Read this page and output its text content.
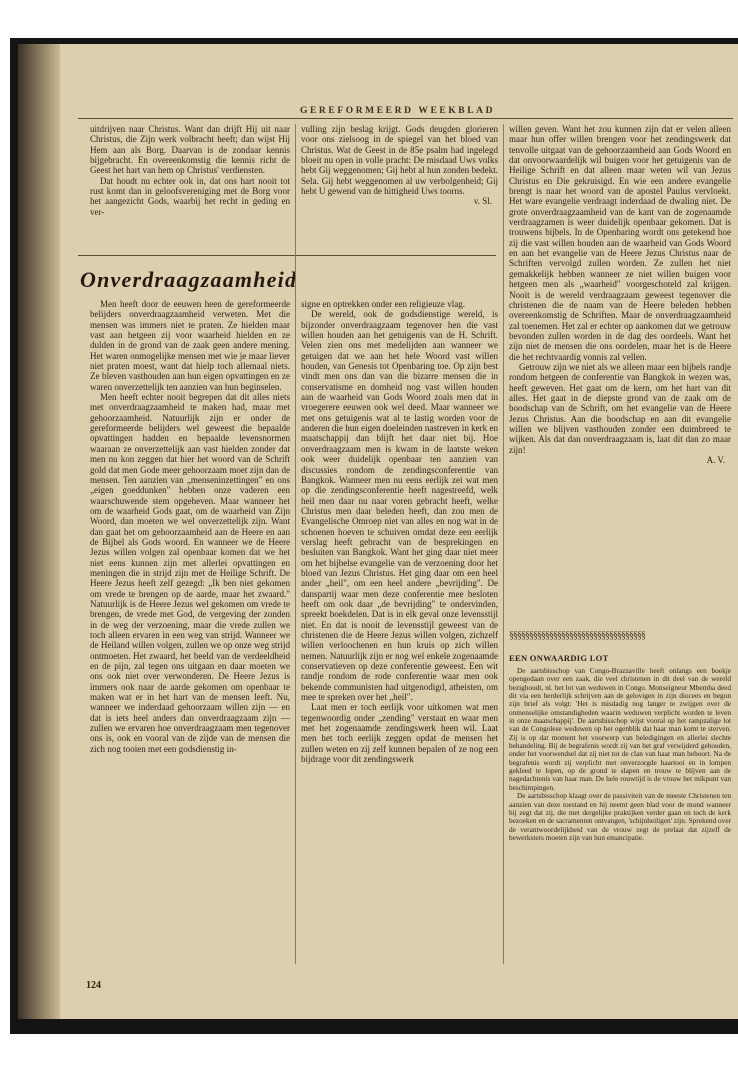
GEREFORMEERD WEEKBLAD

uitdrijven naar Christus. Want dan drijft Hij uit naar Christus, die Zijn werk volbracht heeft; dan wijst Hij Hem aan als Borg. Daarvan is de zondaar kennis bijgebracht. En overeenkomstig die kennis richt de Geest het hart van hem op Christus' verdiensten.

Dat houdt nu echter ook in, dat ons hart nooit tot rust komt dan in geloofsvereniging met de Borg voor het aangezicht Gods, waarbij het recht in geding en ver-

vulling zijn beslag krijgt. Gods deugden glorieren voor ons zielsoog in de spiegel van het bloed van Christus. Wat de Geest in de 85e psalm had ingelegd bloeit nu open in volle pracht: De misdaad Uws volks hebt Gij weggenomen; Gij hebt al hun zonden bedekt. Sela. Gij hebt weggenomen al uw verbolgenheid; Gij hebt U gewend van de hittigheid Uws toorns.

v. Sl.
Onverdraagzaamheid

Men heeft door de eeuwen heen de gereformeerde belijders onverdraagzaamheid verweten. Met die mensen was immers niet te praten. Ze hielden maar vast aan hetgeen zij voor waarheid hielden en ze dulden in de grond van de zaak geen andere mening. Het waren onmogelijke mensen met wie je maar liever niet praten moest, want dat hielp toch allemaal niets. Ze bleven vasthouden aan hun eigen opvattingen en ze waren onverzettelijk ten aanzien van hun beginselen.

Men heeft echter nooit begrepen dat dit alles niets met onverdraagzaamheid te maken had, maar met gehoorzaamheid. Natuurlijk zijn er onder de gereformeerde belijders wel geweest die bepaalde opvattingen hadden en bepaalde levensnormen waaraan ze onverzettelijk aan vast hielden zonder dat men nu kon zeggen dat hier het woord van de Schrift gold dat men Gode meer gehoorzaam moet zijn dan de mensen. Ten aanzien van „menseninzettingen" en ons „eigen goeddunken" hebben onze vaderen een waarschuwende stem opgeheven. Maar wanneer het om de waarheid Gods gaat, om de waarheid van Zijn Woord, dan moeten we wel onverzettelijk zijn. Want dan gaat het om gehoorzaamheid aan de Heere en aan de Bijbel als Gods woord. En wanneer we de Heere Jezus willen volgen zal openbaar komen dat we het niet eens kunnen zijn met allerlei opvattingen en meningen die in strijd zijn met de Heilige Schrift. De Heere Jezus heeft zelf gezegd: „Ik ben niet gekomen om vrede te brengen op de aarde, maar het zwaard." Natuurlijk is de Heere Jezus wel gekomen om vrede te brengen, de vrede met God, de vergeving der zonden in de weg der verzoening, maar die vrede zullen we toch alleen ervaren in een weg van strijd. Wanneer we de Heiland willen volgen, zullen we op onze weg strijd ontmoeten. Het zwaard, het beeld van de verdeeldheid en de pijn, zal tegen ons uitgaan en daar moeten we ons ook niet over verwonderen. De Heere Jezus is immers ook naar de aarde gekomen om openbaar te maken wat er in het hart van de mensen leeft. Nu, wanneer we inderdaad gehoorzaam willen zijn — en dat is iets heel anders dan onverdraagzaam zijn — zullen we ervaren hoe onverdraagzaam men tegenover ons is, ook en vooral van de zijde van de mensen die zich nog tooien met een godsdienstig in-

signe en optrekken onder een religieuze vlag.

De wereld, ook de godsdienstige wereld, is bijzonder onverdraagzaam tegenover hen die vast willen houden aan het getuigenis van de H. Schrift. Velen zien ons met medelijden aan wanneer we getuigen dat we aan het hele Woord vast willen houden, van Genesis tot Openbaring toe. Op zijn best vindt men ons dan van die bizarre mensen die in conservatisme en domheid nog vast willen houden aan de waarheid van Gods Woord zoals men dat in vroegerere eeuwen ook wel deed. Maar wanneer we met ons getuigenis wat al te lastig worden voor de anderen die hun eigen doeleinden nastreven in kerk en maatschappij dan blijft het daar niet bij. Hoe onverdraagzaam men is kwam in de laatste weken ook weer duidelijk openbaar ten aanzien van discussies rondom de zendingsconferentie van Bangkok. Wanneer men nu eens eerlijk zei wat men op die zendingsconferentie heeft nagestreefd, welk heil men daar nu naar voren gebracht heeft, welke Christus men daar beleden heeft, dan zou men de Evangelische Omroep niet van alles en nog wat in de schoenen hoeven te schuiven omdat deze een eerlijk verslag heeft gebracht van de besprekingen en besluiten van Bangkok. Want het ging daar niet meer om het bijbelse evangelie van de verzoening door het bloed van Jezus Christus. Het ging daar om een heel ander „heil", om een heel andere „bevrijding". De danspartij waar men deze conferentie mee besloten heeft om ook daar „de bevrijding" te ondervinden, spreekt boekdelen. Dat is in elk geval onze levensstijl niet. En dat is nooit de levensstijl geweest van de christenen die de Heere Jezus willen volgen, zichzelf willen verloochenen en hun kruis op zich willen nemen. Natuurlijk zijn er nog wel enkele zogenaamde conservatieven op deze conferentie geweest. Een wit randje rondom de rode conferentie waar men ook bekende communisten had uitgenodigd, atheisten, om mee te spreken over het „heil".

Laat men er toch eerlijk voor uitkomen wat men tegenwoordig onder „zending" verstaat en waar men met het zogenaamde zendingswerk heen wil. Laat men het toch eerlijk zeggen opdat de mensen het zullen weten en zij zelf kunnen bepalen of ze nog een bijdrage voor dit zendingswerk

willen geven. Want het zou kunnen zijn dat er velen alleen maar hun offer willen brengen voor het zendingswerk dat tenvolle uitgaat van de gehoorzaamheid aan Gods Woord en dat onvoorwaardelijk wil buigen voor het getuigenis van de Heilige Schrift en dat alleen maar weten wil van Jezus Christus en Die gekruisigd. En wie een andere evangelie brengt is naar het woord van de apostel Paulus vervloekt. Het ware evangelie verdraagt inderdaad de dwaling niet. De grote onverdraagzaamheid van de kant van de zogenaamde verdraagzamen is weer duidelijk openbaar gekomen. Dat is trouwens bijbels. In de Openbaring wordt ons getekend hoe zij die vast willen houden aan de waarheid van Gods Woord en aan het evangelie van de Heere Jezus Christus naar de Schriften vervolgd zullen worden. Ze zullen het niet gemakkelijk hebben wanneer ze niet willen buigen voor hetgeen men als „waarheid" voorgeschoteld zal krijgen. Nooit is de wereld verdraagzaam geweest tegenover die christenen die de naam van de Heere beleden hebben overeenkomstig de Schriften. Maar de onverdraagzaamheid zal toenemen. Het zal er echter op aankomen dat we getrouw bevonden zullen worden in de dag des oordeels. Want het zijn niet de mensen die ons oordelen, maar het is de Heere die het rechtvaardig vonnis zal vellen.

Getrouw zijn we niet als we alleen maar een bijbels randje rondom hetgeen de conferentie van Bangkok in wezen was, heeft geweven. Het gaat om de kern, om het hart van dit alles. Het gaat in de diepste grond van de zaak om de boodschap van de Schrift, om het evangelie van de Heere Jezus Christus. Aan die boodschap en aan dit evangelie willen we blijven vasthouden zonder een duimbreed te wijken. Als dat dan onverdraagzaam is, laat dit dan zo maar zijn!

A. V.
§§§§§§§§§§§§§§§§§§§§§§§§§§§§§§§§§§
EEN ONWAARDIG LOT

De aartsbisschop van Congo-Brazzaville heeft onlangs een boekje opengedaan over een zaak, die veel christenen in dit deel van de wereld bezighoudt, nl. het lot van weduwen in Congo. Monseigneur Mbemba deed dit via een herderlijk schrijven aan de gelovigen in zijn diocees en begon zijn brief als volgt: 'Het is misdadig nog langer te zwijgen over de onmenselijke omstandigheden waarin weduwen verplicht worden te leven in onze maatschappij'. De aartsbisschop wijst vooral op het rampzalige lot van de Congolese weduwen op het ogenblik dat haar man komt te sterven. Zij is op dat moment het voorwerp van beledigingen en allerlei slechte behandeling. Bij de begrafenis wordt zij van het graf verwijderd gehouden, onder het voorwendsel dat zij niet tot de clan van haar man behoort. Na de begrafenis wordt zij verplicht met onverzorgde haartooi en in lompen gekleed te lopen, op de grond te slapen en trouw te blijven aan de nagedachtenis van haar man. De hele rouwtijd is de vrouw het mikpunt van beschimpingen.

De aartsbisschop klaagt over de passiviteit van de meeste Christenen ten aanzien van deze toestand en hij neemt geen blad voor de mond wanneer hij zegt dat zij, die met dergelijke praktijken verder gaan en toch de kerk bezoeken en de sacramenten ontvangen, 'schijnheiligen' zijn. Sprekend over de verantwoordelijkheid van de vrouw zegt de prelaat dat zijzelf de bewerksters moeten zijn van hun emancipatie.

124
